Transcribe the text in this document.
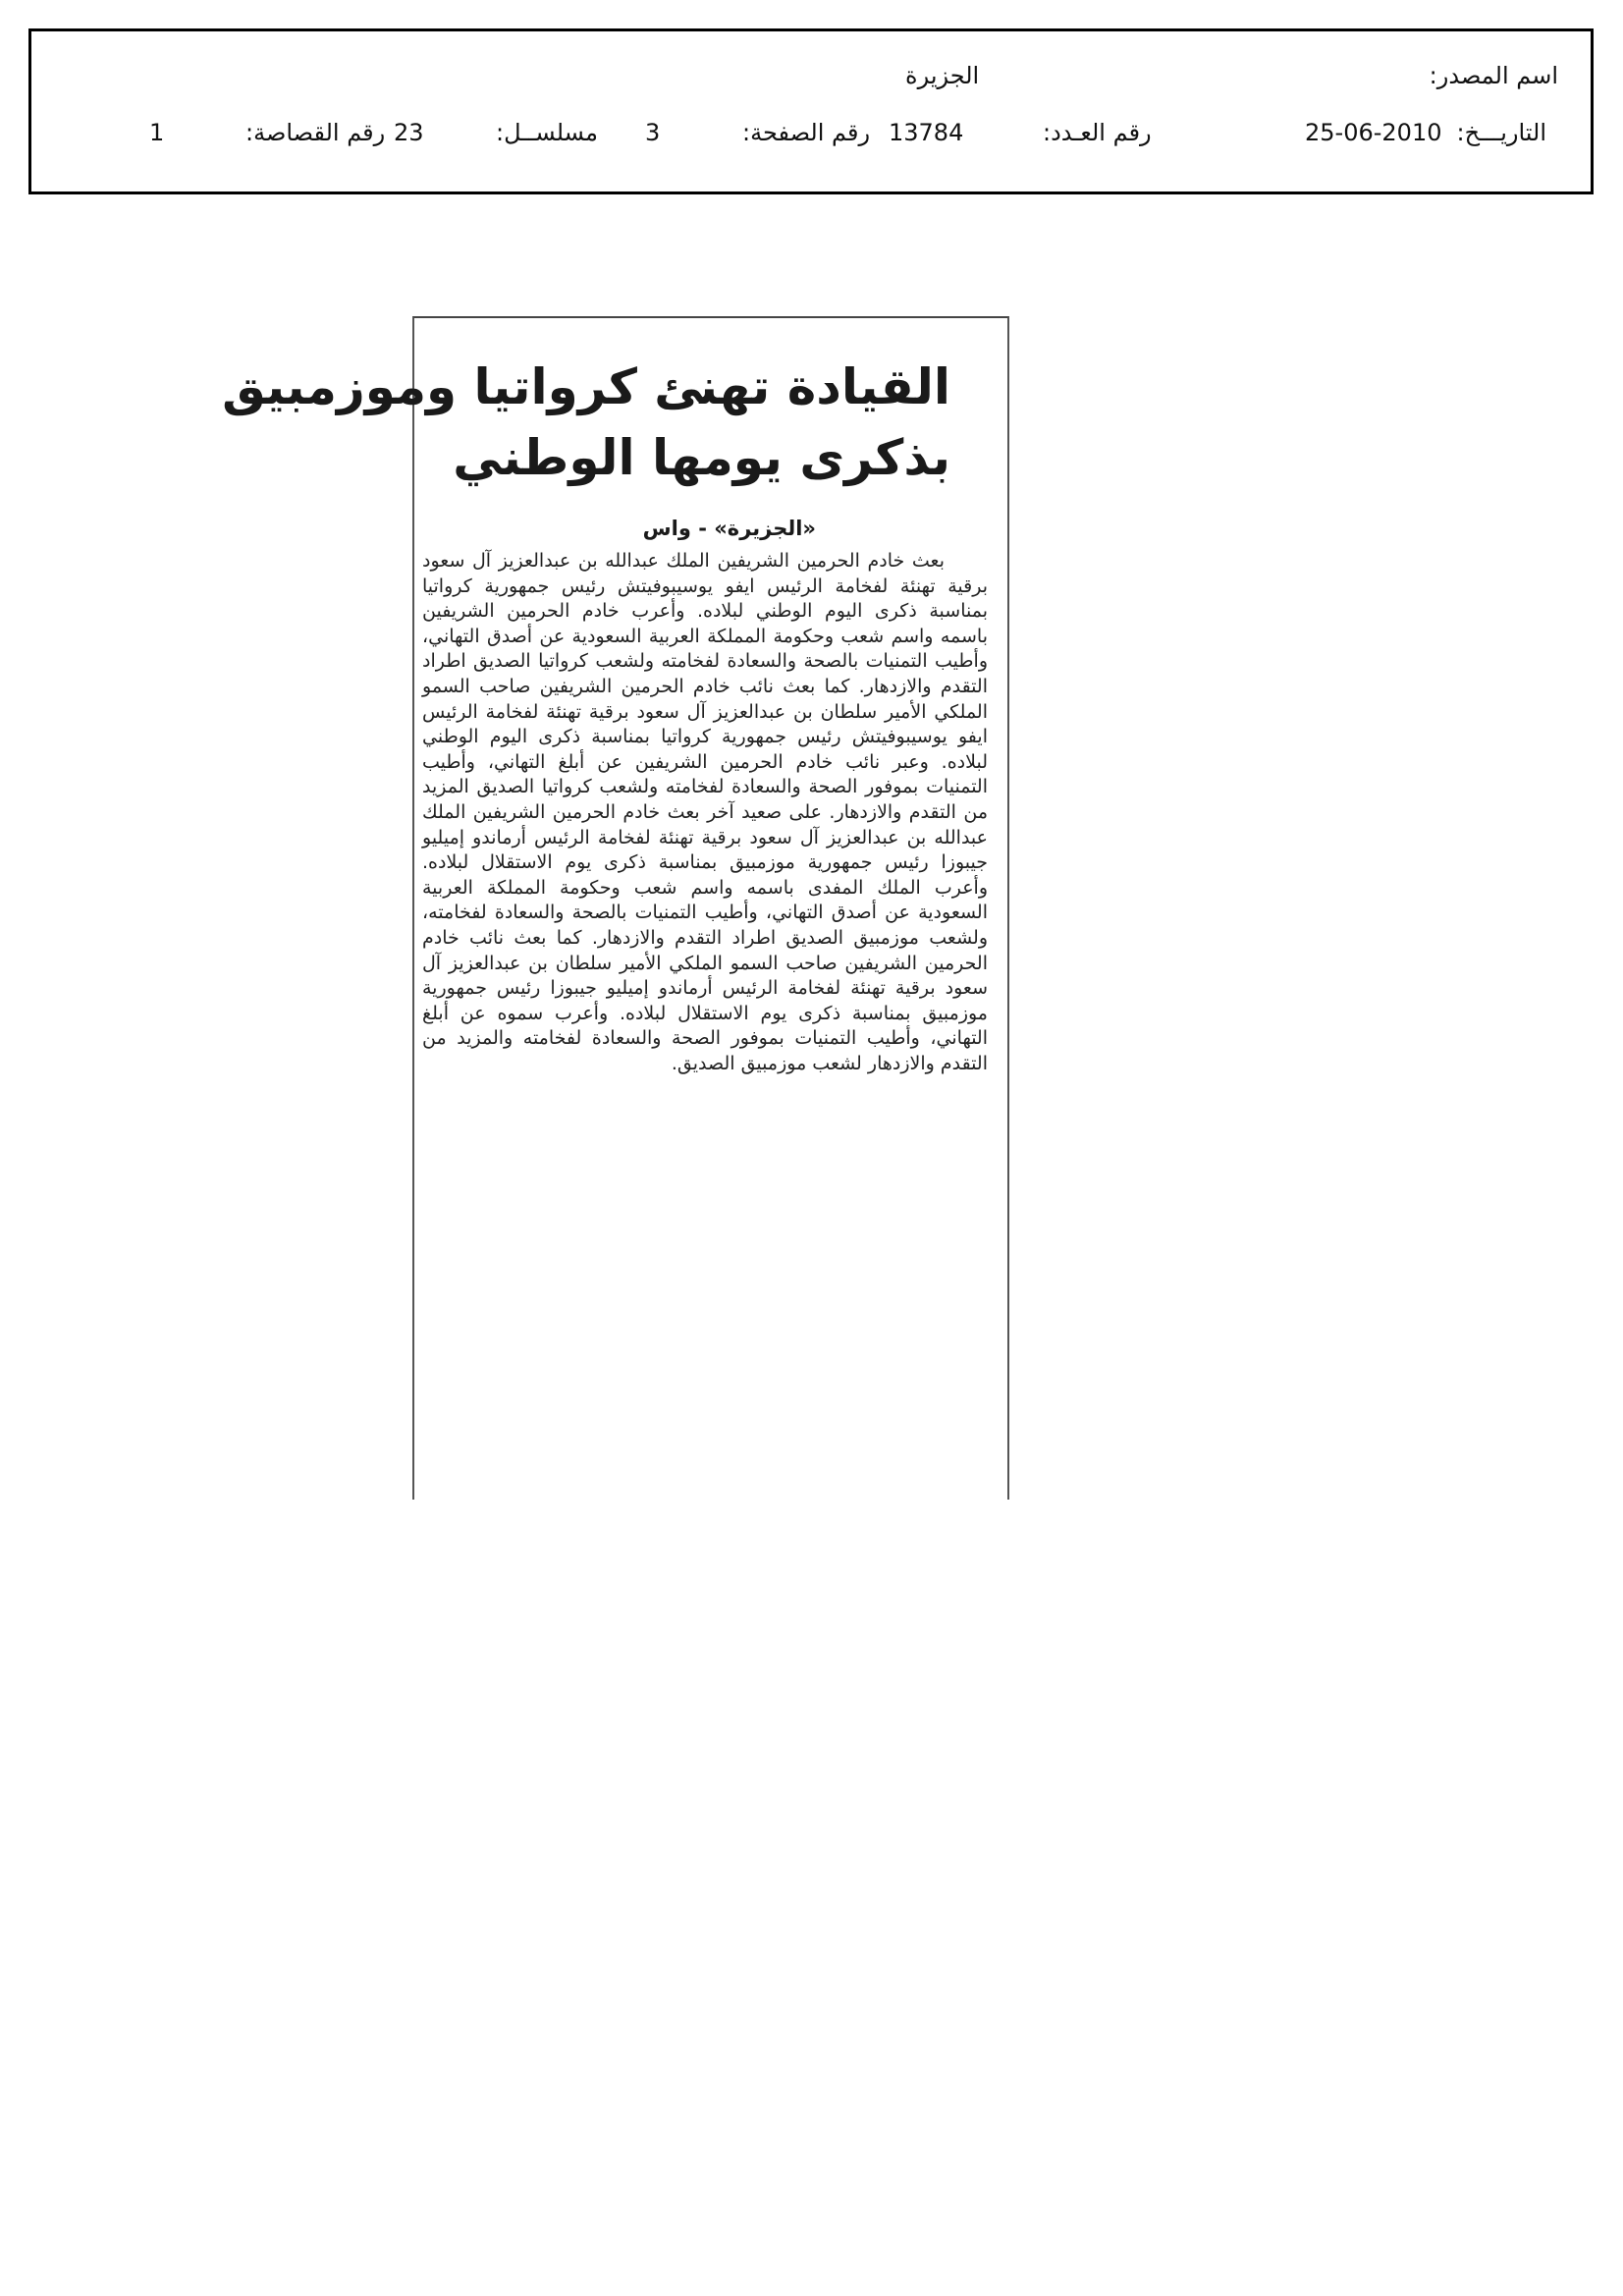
اسم المصدر:
الجزيرة
التاريـــخ:
25-06-2010
رقم العـدد:
13784
رقم الصفحة:
3
مسلســل:
23
رقم القصاصة:
1
القيادة تهنئ كرواتيا وموزمبيق
بذكرى يومها الوطني
«الجزيرة» - واس

بعث خادم الحرمين الشريفين الملك عبدالله بن عبدالعزيز آل سعود برقية تهنئة لفخامة الرئيس ايفو يوسيبوفيتش رئيس جمهورية كرواتيا بمناسبة ذكرى اليوم الوطني لبلاده. وأعرب خادم الحرمين الشريفين باسمه واسم شعب وحكومة المملكة العربية السعودية عن أصدق التهاني، وأطيب التمنيات بالصحة والسعادة لفخامته ولشعب كرواتيا الصديق اطراد التقدم والازدهار. كما بعث نائب خادم الحرمين الشريفين صاحب السمو الملكي الأمير سلطان بن عبدالعزيز آل سعود برقية تهنئة لفخامة الرئيس ايفو يوسيبوفيتش رئيس جمهورية كرواتيا بمناسبة ذكرى اليوم الوطني لبلاده. وعبر نائب خادم الحرمين الشريفين عن أبلغ التهاني، وأطيب التمنيات بموفور الصحة والسعادة لفخامته ولشعب كرواتيا الصديق المزيد من التقدم والازدهار. على صعيد آخر بعث خادم الحرمين الشريفين الملك عبدالله بن عبدالعزيز آل سعود برقية تهنئة لفخامة الرئيس أرماندو إميليو جيبوزا رئيس جمهورية موزمبيق بمناسبة ذكرى يوم الاستقلال لبلاده. وأعرب الملك المفدى باسمه واسم شعب وحكومة المملكة العربية السعودية عن أصدق التهاني، وأطيب التمنيات بالصحة والسعادة لفخامته، ولشعب موزمبيق الصديق اطراد التقدم والازدهار. كما بعث نائب خادم الحرمين الشريفين صاحب السمو الملكي الأمير سلطان بن عبدالعزيز آل سعود برقية تهنئة لفخامة الرئيس أرماندو إميليو جيبوزا رئيس جمهورية موزمبيق بمناسبة ذكرى يوم الاستقلال لبلاده. وأعرب سموه عن أبلغ التهاني، وأطيب التمنيات بموفور الصحة والسعادة لفخامته والمزيد من التقدم والازدهار لشعب موزمبيق الصديق.
